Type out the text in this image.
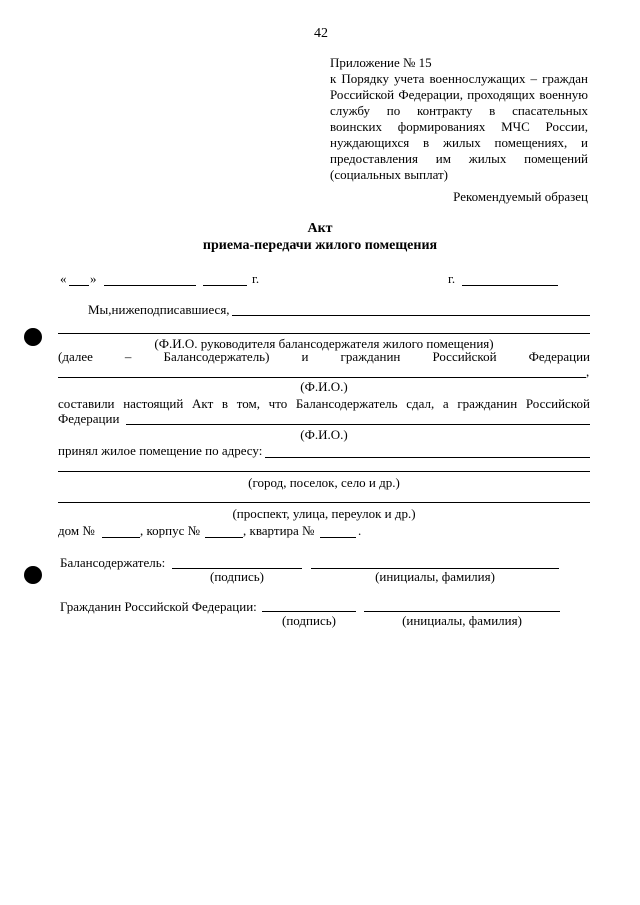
42
Приложение № 15
к Порядку учета военнослужащих – граждан
Российской Федерации, проходящих военную
службу по контракту в спасательных
воинских формированиях МЧС России,
нуждающихся в жилых помещениях, и
предоставления им жилых помещений
(социальных выплат)
Рекомендуемый образец
Акт
приема-передачи жилого помещения
« »	г.	г.
Мы,нижеподписавшиеся,
(Ф.И.О. руководителя балансодержателя жилого помещения)
(далее – Балансодержатель) и гражданин Российской Федерации
,
(Ф.И.О.)
составили настоящий Акт в том, что Балансодержатель сдал, а гражданин Российской
Федерации
(Ф.И.О.)
принял жилое помещение по адресу:
(город, поселок, село и др.)
(проспект, улица, переулок и др.)
дом №	, корпус №	, квартира №	.
Балансодержатель:
(подпись)	(инициалы, фамилия)
Гражданин Российской Федерации:
(подпись)	(инициалы, фамилия)
